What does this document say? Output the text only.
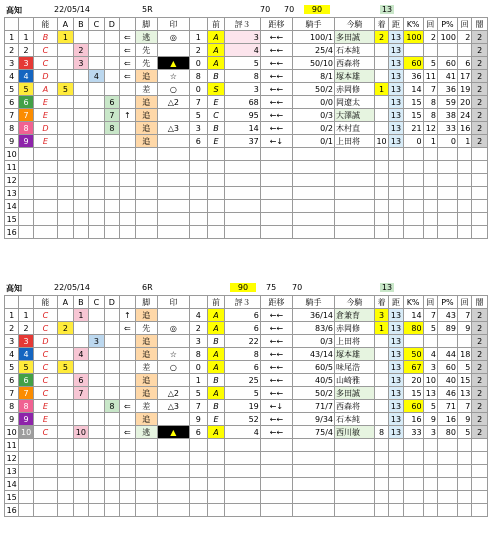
高知	22/05/14	5R	70 70	90	13
		能	A	B	C	D		脚	印		前	評３	距移	騎手	今騎	着	距	K%	回	P%	回	闇
1	1	B	1				⇐	逃	◎	1	A	3	←←	100/1	多田誠	2	13	100	2	100	2	2
2	2	C		2			⇐	先		2	A	4	←←	25/4	石本純		13					2
3	3	C		3			⇐	先	▲	0	A	5	←←	50/10	西森将		13	60	5	60	6	2
4	4	D			4		⇐	追	☆	8	B	8	←←	8/1	塚本雄		13	36	11	41	17	2
5	5	A	5					差	○	0	S	3	←←	50/2	赤岡修	1	13	14	7	36	19	2
6	6	E				6		追	△2	7	E	68	←←	0/0	岡遼太		13	15	8	59	20	2
7	7	E				7	↑	追		5	C	95	←←	0/3	大澤誠		13	15	8	38	24	2
8	8	D				8		追	△3	3	B	14	←←	0/2	木村直		13	21	12	33	16	2
9	9	E						追		6	E	37	←↓	0/1	上田将	10	13	0	1	0	1	2
10																						
11																						
12																						
13																						
14																						
15																						
16																						
高知	22/05/14	6R	90	75 70	13
		能	A	B	C	D		脚	印		前	評３	距移	騎手	今騎	着	距	K%	回	P%	回	闇
1	1	C		1			↑	追		4	A	6	←←	36/14	倉兼育	3	13	14	7	43	7	2
2	2	C	2				⇐	先	◎	2	A	6	←←	83/6	赤岡修	1	13	80	5	89	9	2
3	3	D			3			追		3	B	22	←←	0/3	上田将		13					2
4	4	C		4				追	☆	8	A	8	←←	43/14	塚本雄		13	50	4	44	18	2
5	5	C	5					差	○	0	A	6	←←	60/5	味尾浩		13	67	3	60	5	2
6	6	C		6				追		1	B	25	←←	40/5	山崎雅		13	20	10	40	15	2
7	7	C		7				追	△2	5	A	5	←←	50/2	多田誠		13	15	13	46	13	2
8	8	E				8	⇐	差	△3	7	B	19	←↓	71/7	西森将		13	60	5	71	7	2
9	9	E						追		9	E	52	←←	9/34	石本純		13	16	9	16	9	2
10	10	C		10			⇐	逃	▲	6	A	4	←←	75/4	西川敏	8	13	33	3	80	5	2
11																						
12																						
13																						
14																						
15																						
16																						
